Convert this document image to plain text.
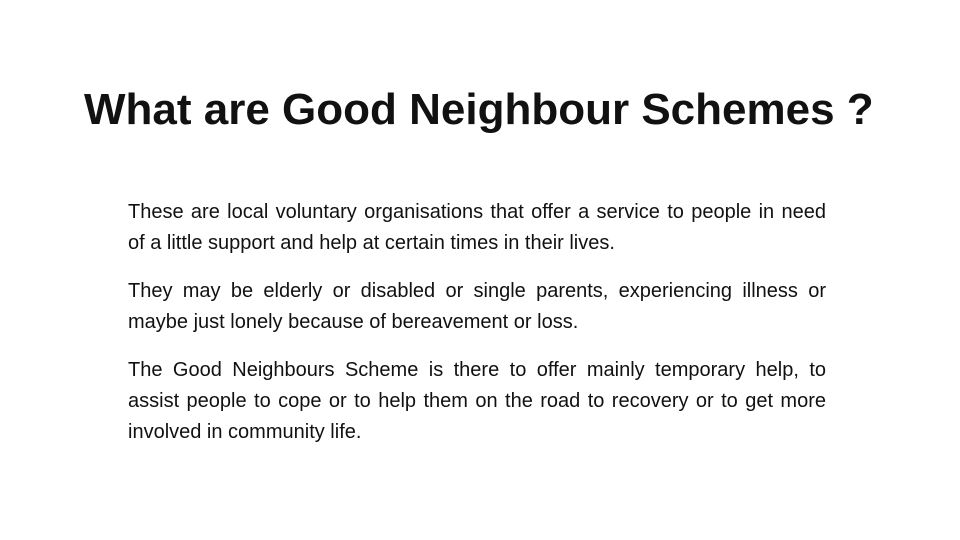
What are Good Neighbour Schemes ?

These are local voluntary organisations that offer a service to people in need of a little support and help at certain times in their lives.

They may be elderly or disabled or single parents, experiencing illness or maybe just lonely because of bereavement or loss.

The Good Neighbours Scheme is there to offer mainly temporary help, to assist people to cope or to help them on the road to recovery or to get more involved in community life.
